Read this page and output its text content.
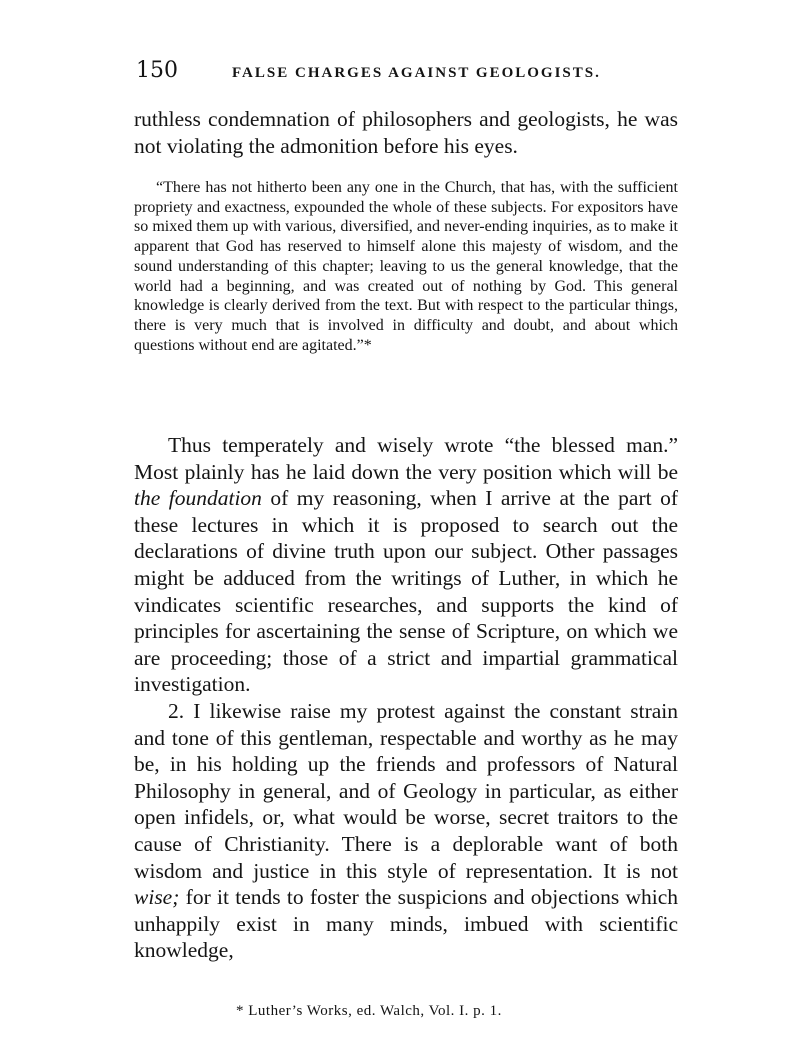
150	FALSE CHARGES AGAINST GEOLOGISTS.

ruthless condemnation of philosophers and geologists, he was not violating the admonition before his eyes.

“There has not hitherto been any one in the Church, that has, with the sufficient propriety and exactness, expounded the whole of these subjects. For expositors have so mixed them up with various, diversified, and never-ending inquiries, as to make it apparent that God has reserved to himself alone this majesty of wisdom, and the sound understanding of this chapter; leaving to us the general knowledge, that the world had a beginning, and was created out of nothing by God. This general knowledge is clearly derived from the text. But with respect to the particular things, there is very much that is involved in difficulty and doubt, and about which questions without end are agitated.”*

Thus temperately and wisely wrote “the blessed man.” Most plainly has he laid down the very position which will be the foundation of my reasoning, when I arrive at the part of these lectures in which it is proposed to search out the declarations of divine truth upon our subject. Other passages might be adduced from the writings of Luther, in which he vindicates scientific researches, and supports the kind of principles for ascertaining the sense of Scripture, on which we are proceeding; those of a strict and impartial grammatical investigation.

2. I likewise raise my protest against the constant strain and tone of this gentleman, respectable and worthy as he may be, in his holding up the friends and professors of Natural Philosophy in general, and of Geology in particular, as either open infidels, or, what would be worse, secret traitors to the cause of Christianity. There is a deplorable want of both wisdom and justice in this style of representation. It is not wise; for it tends to foster the suspicions and objections which unhappily exist in many minds, imbued with scientific knowledge,

* Luther’s Works, ed. Walch, Vol. I. p. 1.
